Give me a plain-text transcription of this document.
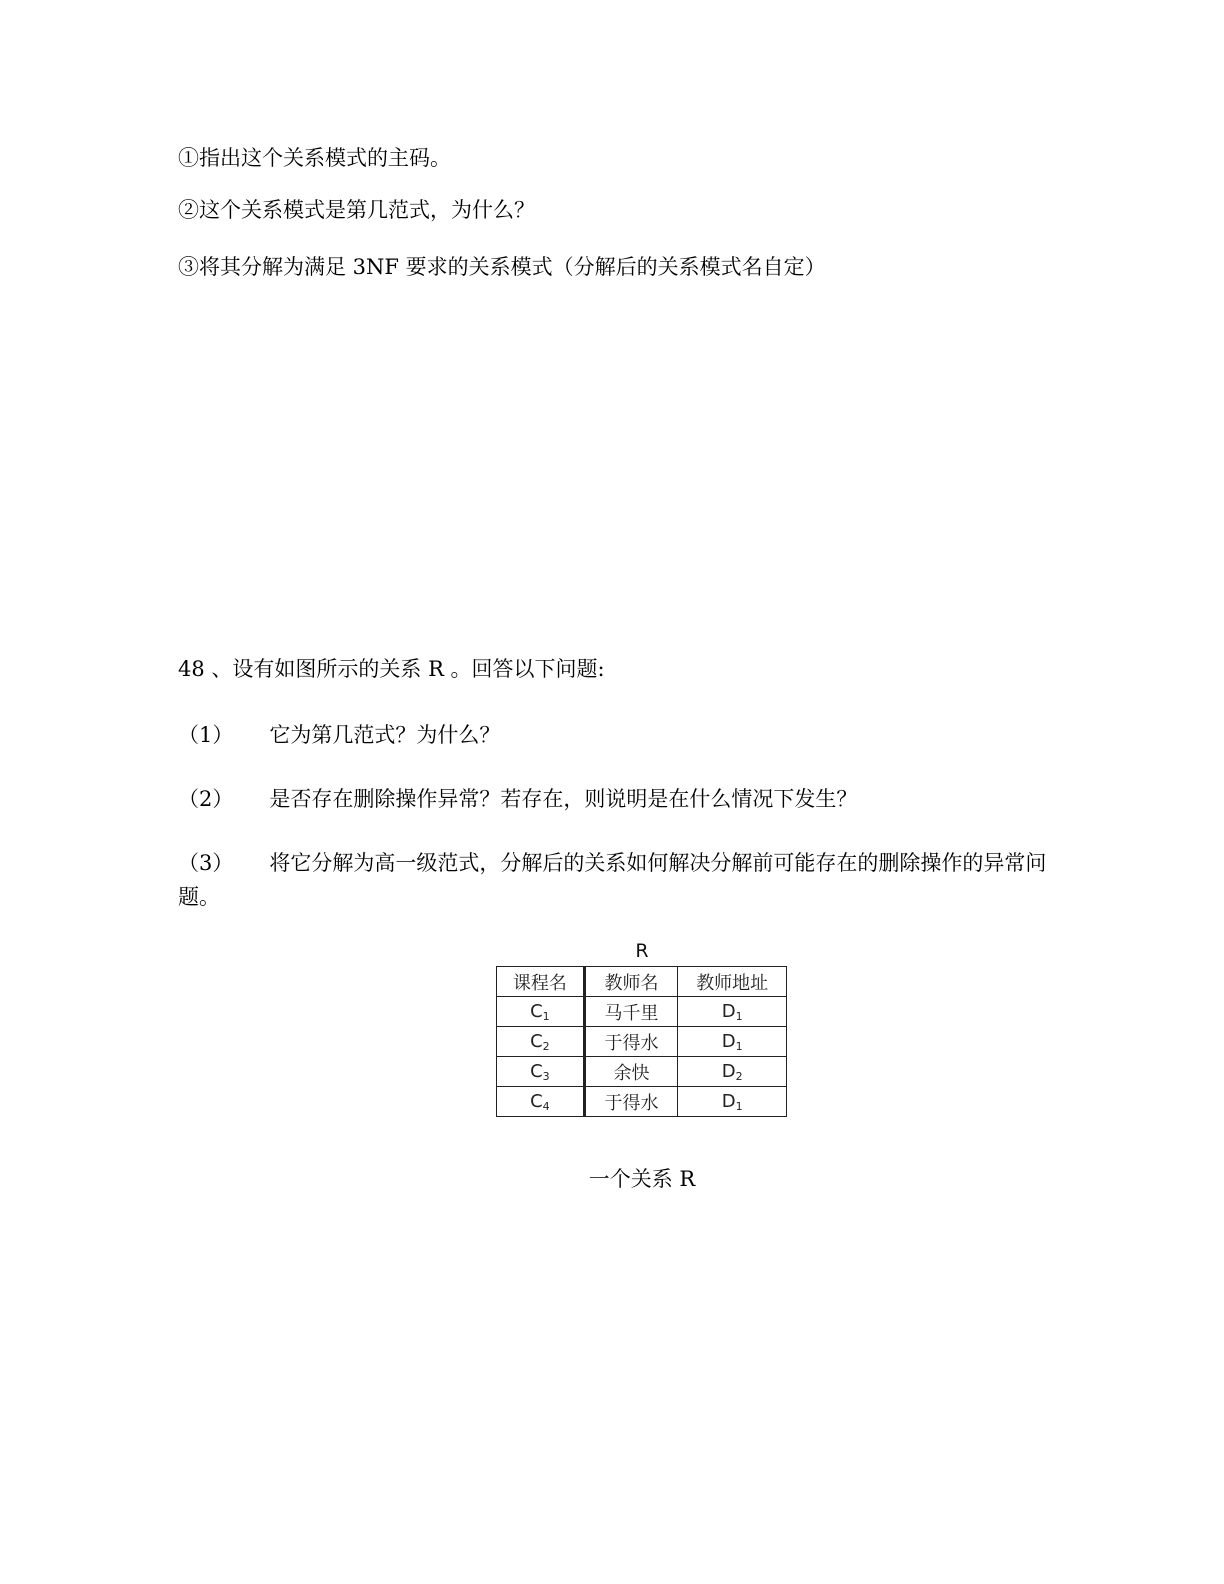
①指出这个关系模式的主码。
②这个关系模式是第几范式，为什么？
③将其分解为满足 3NF 要求的关系模式（分解后的关系模式名自定）
48 、设有如图所示的关系 R 。回答以下问题:
（1） 它为第几范式？为什么？
（2） 是否存在删除操作异常？若存在，则说明是在什么情况下发生？
（3） 将它分解为高一级范式，分解后的关系如何解决分解前可能存在的删除操作的异常问题。
R
课程名	教师名	教师地址
$C_1$	马千里	$D_1$
$C_2$	于得水	$D_1$
$C_3$	余快	$D_2$
$C_4$	于得水	$D_1$
一个关系 R
